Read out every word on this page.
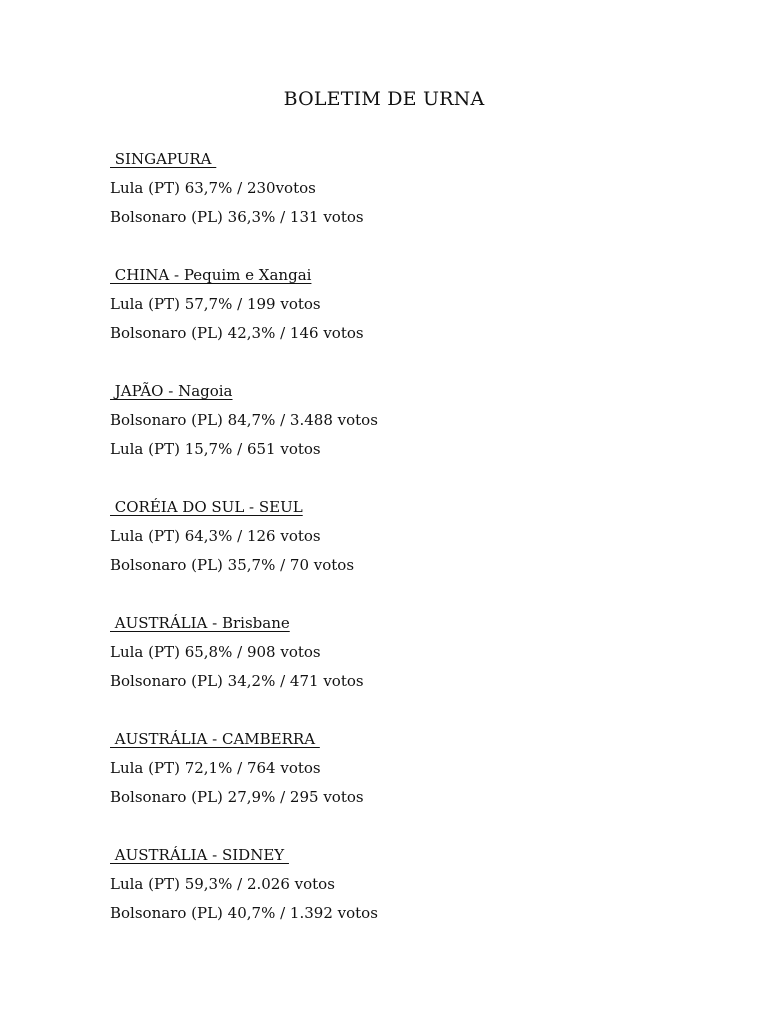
BOLETIM DE URNA
SINGAPURA
Lula (PT) 63,7% / 230votos
Bolsonaro (PL) 36,3% / 131 votos
CHINA - Pequim e Xangai
Lula (PT) 57,7% / 199 votos
Bolsonaro (PL) 42,3% / 146 votos
JAPÃO - Nagoia
Bolsonaro (PL) 84,7% / 3.488 votos
Lula (PT) 15,7% / 651 votos
CORÉIA DO SUL - SEUL
Lula (PT) 64,3% / 126 votos
Bolsonaro (PL) 35,7% / 70 votos
AUSTRÁLIA - Brisbane
Lula (PT) 65,8% / 908 votos
Bolsonaro (PL) 34,2% / 471 votos
AUSTRÁLIA - CAMBERRA
Lula (PT) 72,1% / 764 votos
Bolsonaro (PL) 27,9% / 295 votos
AUSTRÁLIA - SIDNEY
Lula (PT) 59,3% / 2.026 votos
Bolsonaro (PL) 40,7% / 1.392 votos
